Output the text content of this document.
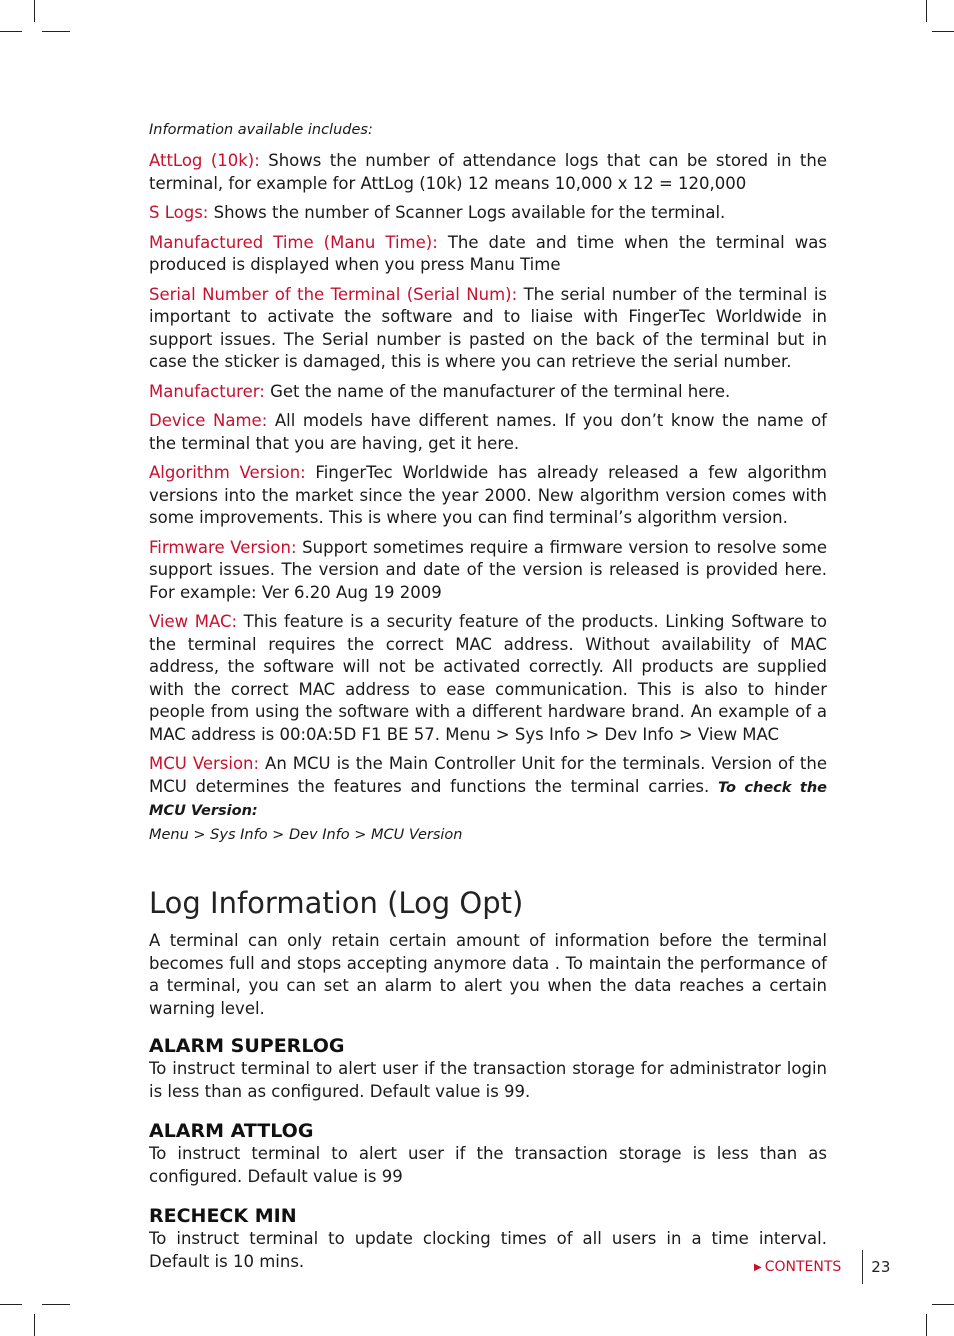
Information available includes:

AttLog (10k): Shows the number of attendance logs that can be stored in the terminal, for example for AttLog (10k) 12 means 10,000 x 12 = 120,000

S Logs: Shows the number of Scanner Logs available for the terminal.

Manufactured Time (Manu Time): The date and time when the terminal was produced is displayed when you press Manu Time

Serial Number of the Terminal (Serial Num): The serial number of the terminal is important to activate the software and to liaise with FingerTec Worldwide in support issues. The Serial number is pasted on the back of the terminal but in case the sticker is damaged, this is where you can retrieve the serial number.

Manufacturer: Get the name of the manufacturer of the terminal here.

Device Name: All models have different names. If you don’t know the name of the terminal that you are having, get it here.

Algorithm Version: FingerTec Worldwide has already released a few algorithm versions into the market since the year 2000. New algorithm version comes with some improvements. This is where you can find terminal’s algorithm version.

Firmware Version: Support sometimes require a firmware version to resolve some support issues. The version and date of the version is released is provided here. For example: Ver 6.20 Aug 19 2009

View MAC: This feature is a security feature of the products. Linking Software to the terminal requires the correct MAC address. Without availability of MAC address, the software will not be activated correctly. All products are supplied with the correct MAC address to ease communication. This is also to hinder people from using the software with a different hardware brand. An example of a MAC address is 00:0A:5D F1 BE 57. Menu > Sys Info > Dev Info > View MAC

MCU Version: An MCU is the Main Controller Unit for the terminals. Version of the MCU determines the features and functions the terminal carries. To check the MCU Version:
Menu > Sys Info > Dev Info > MCU Version

Log Information (Log Opt)

A terminal can only retain certain amount of information before the terminal becomes full and stops accepting anymore data . To maintain the performance of a terminal, you can set an alarm to alert you when the data reaches a certain warning level.

ALARM SUPERLOG

To instruct terminal to alert user if the transaction storage for administrator login is less than as configured. Default value is 99.

ALARM ATTLOG

To instruct terminal to alert user if the transaction storage is less than as configured. Default value is 99

RECHECK MIN

To instruct terminal to update clocking times of all users in a time interval. Default is 10 mins.	▶ CONTENTS 23
